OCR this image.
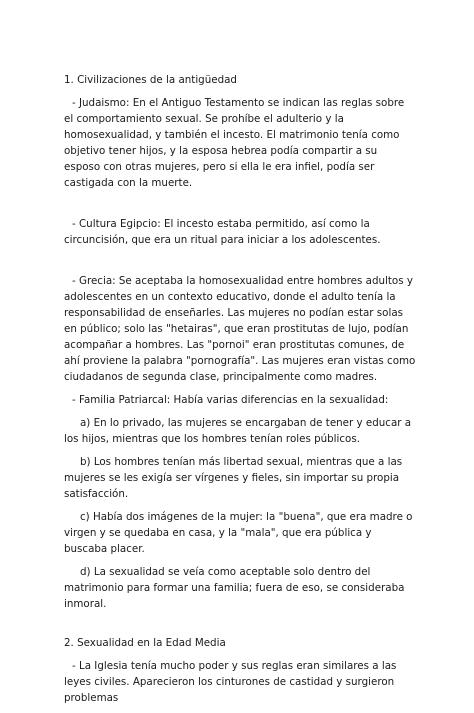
1. Civilizaciones de la antigüedad

- Judaismo: En el Antiguo Testamento se indican las reglas sobre el comportamiento sexual. Se prohíbe el adulterio y la homosexualidad, y también el incesto. El matrimonio tenía como objetivo tener hijos, y la esposa hebrea podía compartir a su esposo con otras mujeres, pero si ella le era infiel, podía ser castigada con la muerte.

- Cultura Egipcio: El incesto estaba permitido, así como la circuncisión, que era un ritual para iniciar a los adolescentes.

- Grecia: Se aceptaba la homosexualidad entre hombres adultos y adolescentes en un contexto educativo, donde el adulto tenía la responsabilidad de enseñarles. Las mujeres no podían estar solas en público; solo las "hetairas", que eran prostitutas de lujo, podían acompañar a hombres. Las "pornoi" eran prostitutas comunes, de ahí proviene la palabra "pornografía". Las mujeres eran vistas como ciudadanos de segunda clase, principalmente como madres.

- Familia Patriarcal: Había varias diferencias en la sexualidad:

a) En lo privado, las mujeres se encargaban de tener y educar a los hijos, mientras que los hombres tenían roles públicos.

b) Los hombres tenían más libertad sexual, mientras que a las mujeres se les exigía ser vírgenes y fieles, sin importar su propia satisfacción.

c) Había dos imágenes de la mujer: la "buena", que era madre o virgen y se quedaba en casa, y la "mala", que era pública y buscaba placer.

d) La sexualidad se veía como aceptable solo dentro del matrimonio para formar una familia; fuera de eso, se consideraba inmoral.

2. Sexualidad en la Edad Media

- La Iglesia tenía mucho poder y sus reglas eran similares a las leyes civiles. Aparecieron los cinturones de castidad y surgieron problemas
